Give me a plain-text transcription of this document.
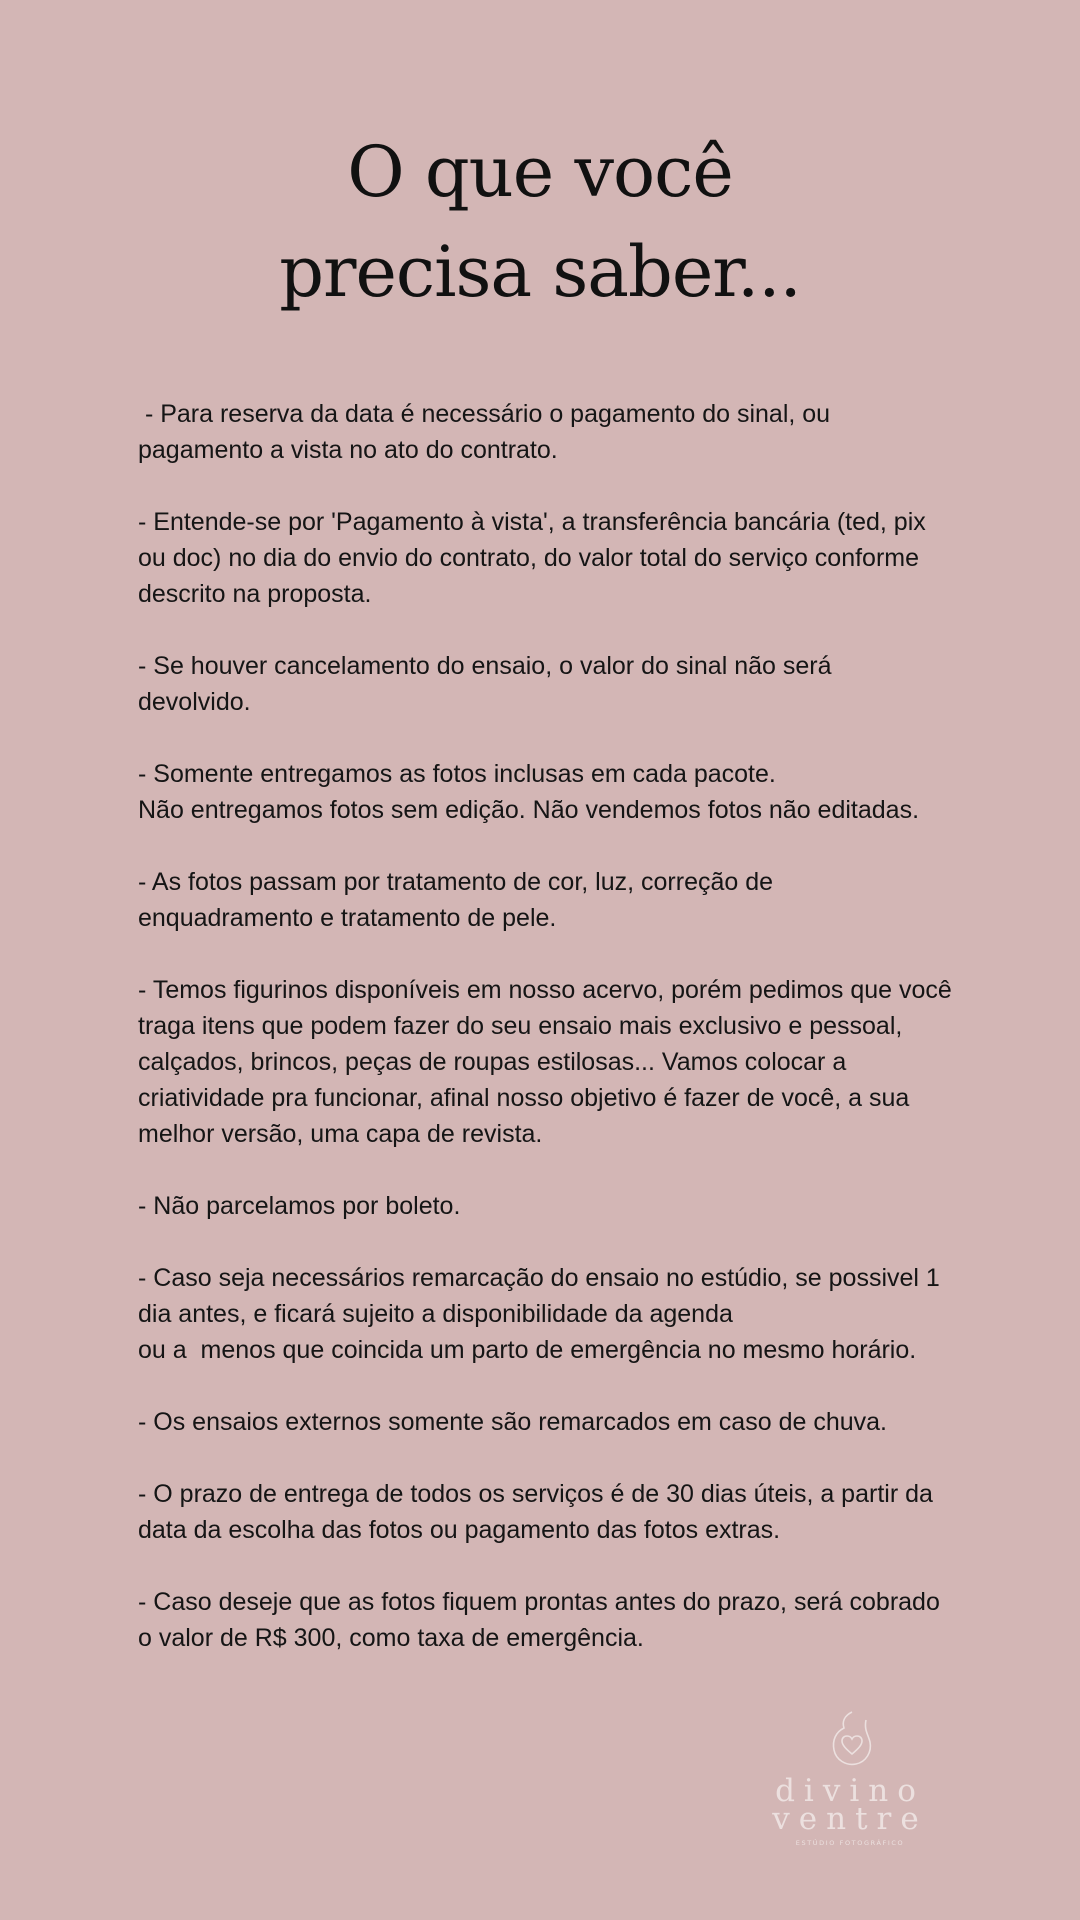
O que você
precisa saber...
- Para reserva da data é necessário o pagamento do sinal, ou
pagamento a vista no ato do contrato.
- Entende-se por 'Pagamento à vista', a transferência bancária (ted, pix
ou doc) no dia do envio do contrato, do valor total do serviço conforme
descrito na proposta.
- Se houver cancelamento do ensaio, o valor do sinal não será
devolvido.
- Somente entregamos as fotos inclusas em cada pacote.
Não entregamos fotos sem edição. Não vendemos fotos não editadas.
- As fotos passam por tratamento de cor, luz, correção de
enquadramento e tratamento de pele.
- Temos figurinos disponíveis em nosso acervo, porém pedimos que você
traga itens que podem fazer do seu ensaio mais exclusivo e pessoal,
calçados, brincos, peças de roupas estilosas... Vamos colocar a
criatividade pra funcionar, afinal nosso objetivo é fazer de você, a sua
melhor versão, uma capa de revista.
- Não parcelamos por boleto.
- Caso seja necessários remarcação do ensaio no estúdio, se possivel 1
dia antes, e ficará sujeito a disponibilidade da agenda
ou a  menos que coincida um parto de emergência no mesmo horário.
- Os ensaios externos somente são remarcados em caso de chuva.
- O prazo de entrega de todos os serviços é de 30 dias úteis, a partir da
data da escolha das fotos ou pagamento das fotos extras.
- Caso deseje que as fotos fiquem prontas antes do prazo, será cobrado
o valor de R$ 300, como taxa de emergência.
divino
ventre
ESTÚDIO FOTOGRÁFICO
